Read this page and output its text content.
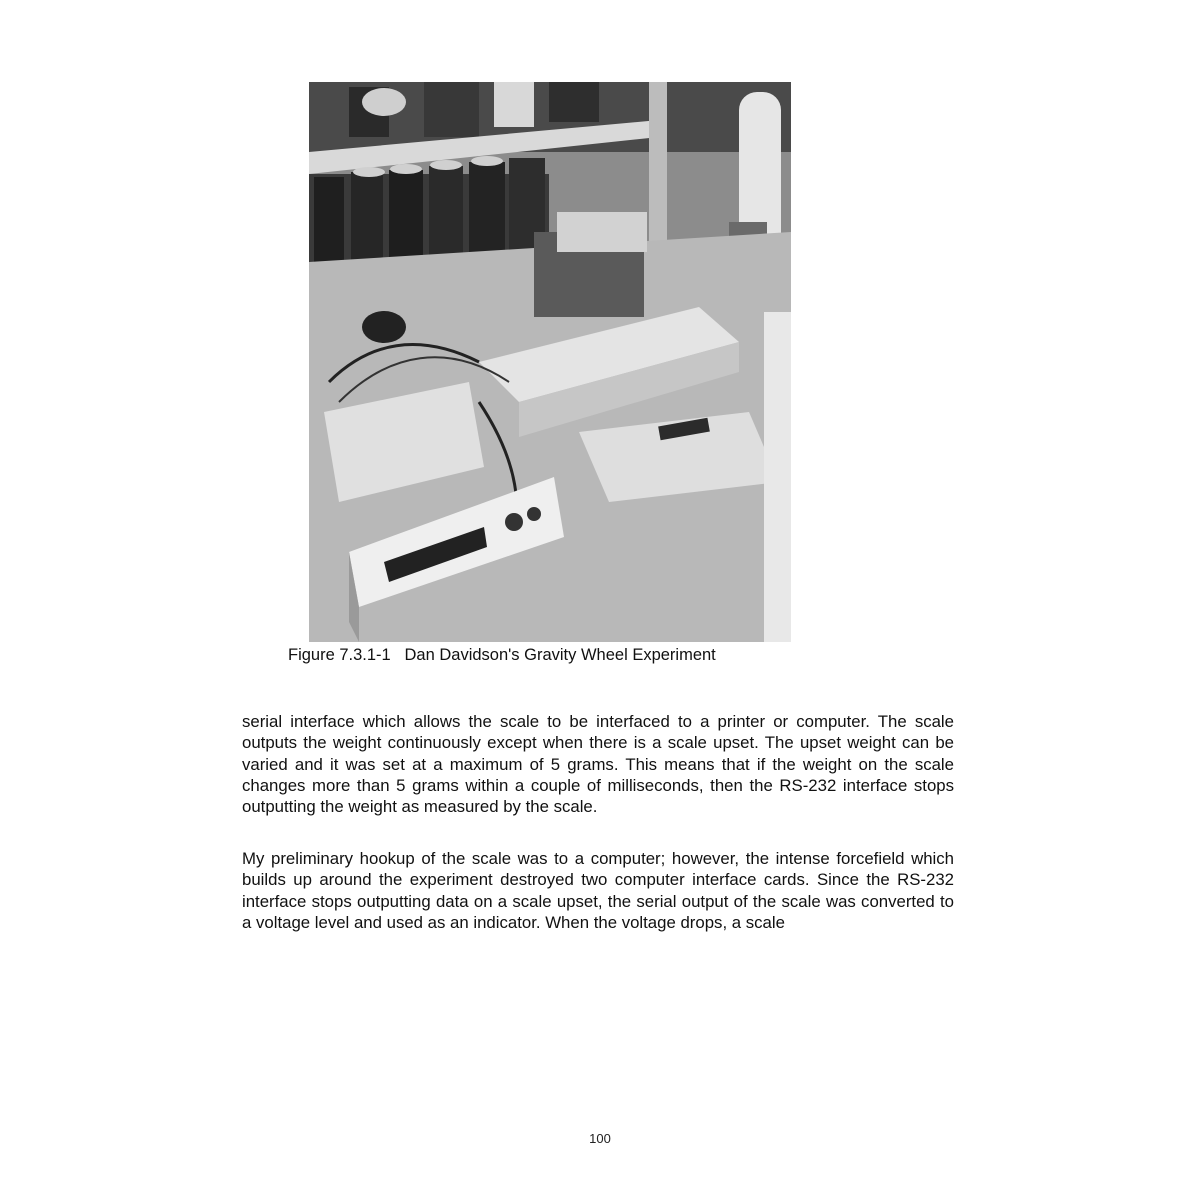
Figure 7.3.1-1 Dan Davidson's Gravity Wheel Experiment

serial interface which allows the scale to be interfaced to a printer or computer. The scale outputs the weight continuously except when there is a scale upset. The upset weight can be varied and it was set at a maximum of 5 grams. This means that if the weight on the scale changes more than 5 grams within a couple of milliseconds, then the RS-232 interface stops outputting the weight as measured by the scale.

My preliminary hookup of the scale was to a computer; however, the intense forcefield which builds up around the experiment destroyed two computer interface cards. Since the RS-232 interface stops outputting data on a scale upset, the serial output of the scale was converted to a voltage level and used as an indicator. When the voltage drops, a scale

100
